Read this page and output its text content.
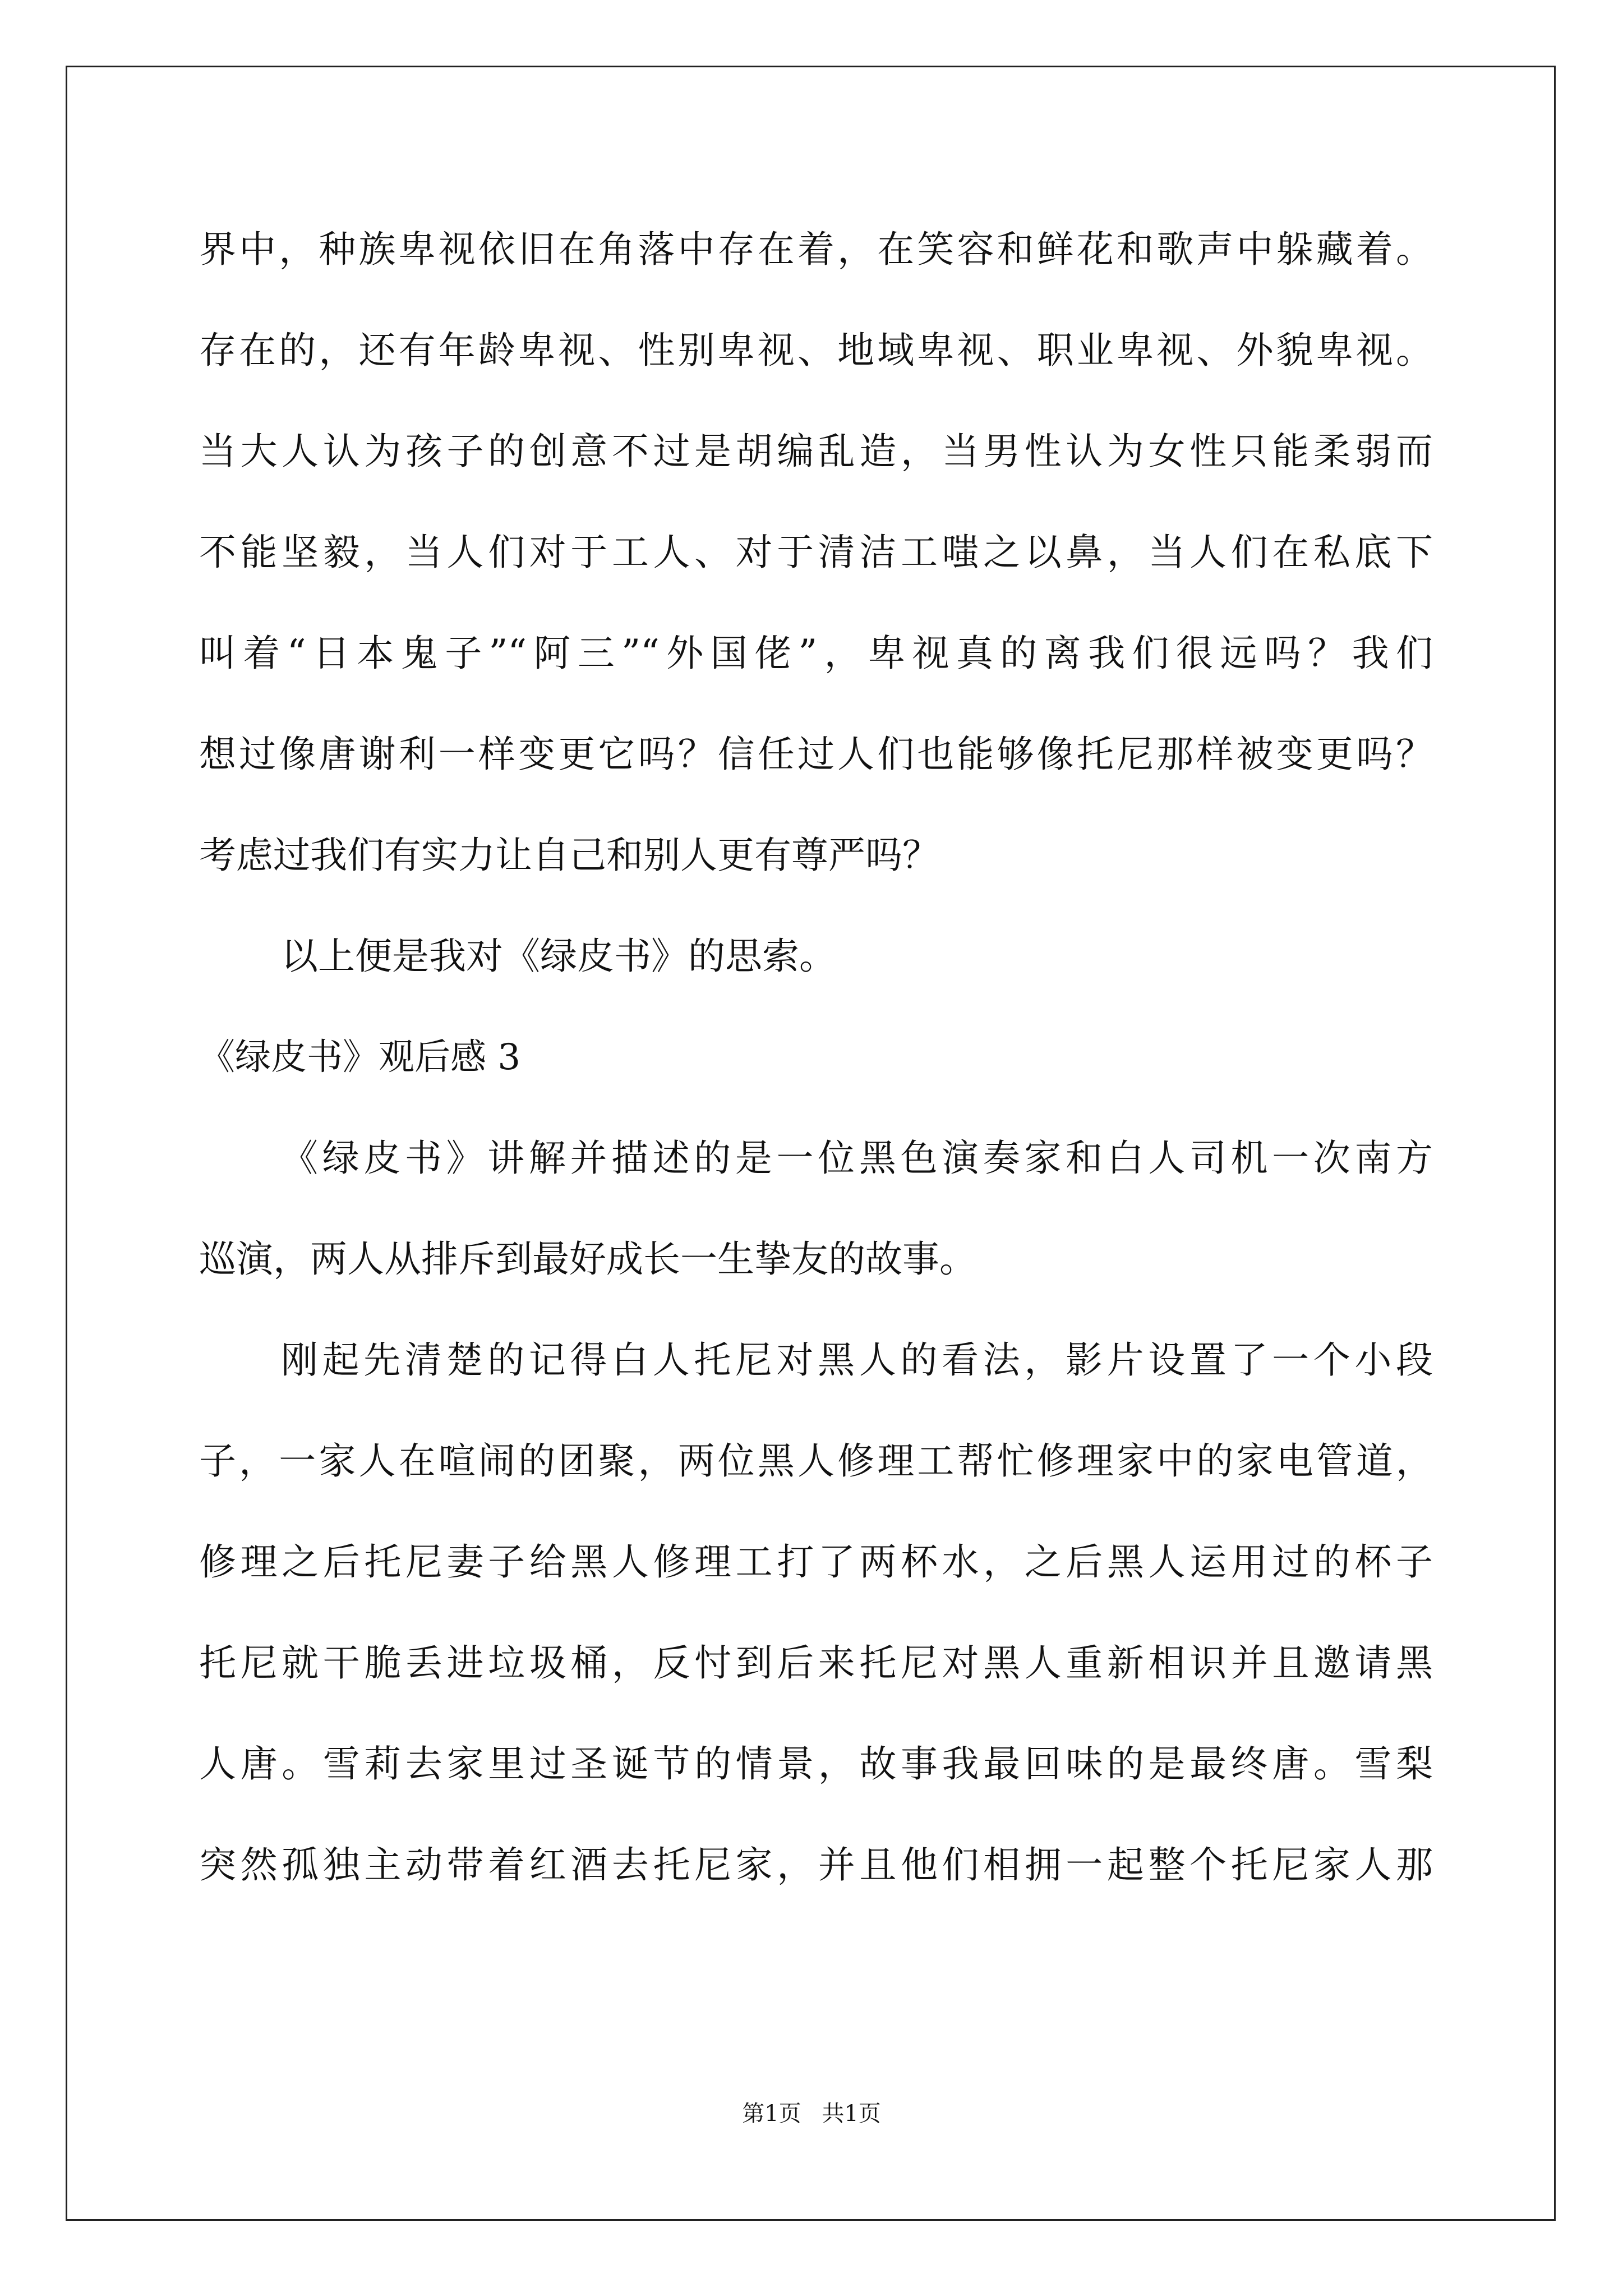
界中，种族卑视依旧在角落中存在着，在笑容和鲜花和歌声中躲藏着。
存在的，还有年龄卑视、性别卑视、地域卑视、职业卑视、外貌卑视。
当大人认为孩子的创意不过是胡编乱造，当男性认为女性只能柔弱而
不能坚毅，当人们对于工人、对于清洁工嗤之以鼻，当人们在私底下
叫着“日本鬼子”“阿三”“外国佬”，卑视真的离我们很远吗？我们
想过像唐谢利一样变更它吗？信任过人们也能够像托尼那样被变更吗？
考虑过我们有实力让自己和别人更有尊严吗？
以上便是我对《绿皮书》的思索。
《绿皮书》观后感 3
《绿皮书》讲解并描述的是一位黑色演奏家和白人司机一次南方
巡演，两人从排斥到最好成长一生挚友的故事。
刚起先清楚的记得白人托尼对黑人的看法，影片设置了一个小段
子，一家人在喧闹的团聚，两位黑人修理工帮忙修理家中的家电管道，
修理之后托尼妻子给黑人修理工打了两杯水，之后黑人运用过的杯子
托尼就干脆丢进垃圾桶，反忖到后来托尼对黑人重新相识并且邀请黑
人唐。雪莉去家里过圣诞节的情景，故事我最回味的是最终唐。雪梨
突然孤独主动带着红酒去托尼家，并且他们相拥一起整个托尼家人那
第1页 共1页
